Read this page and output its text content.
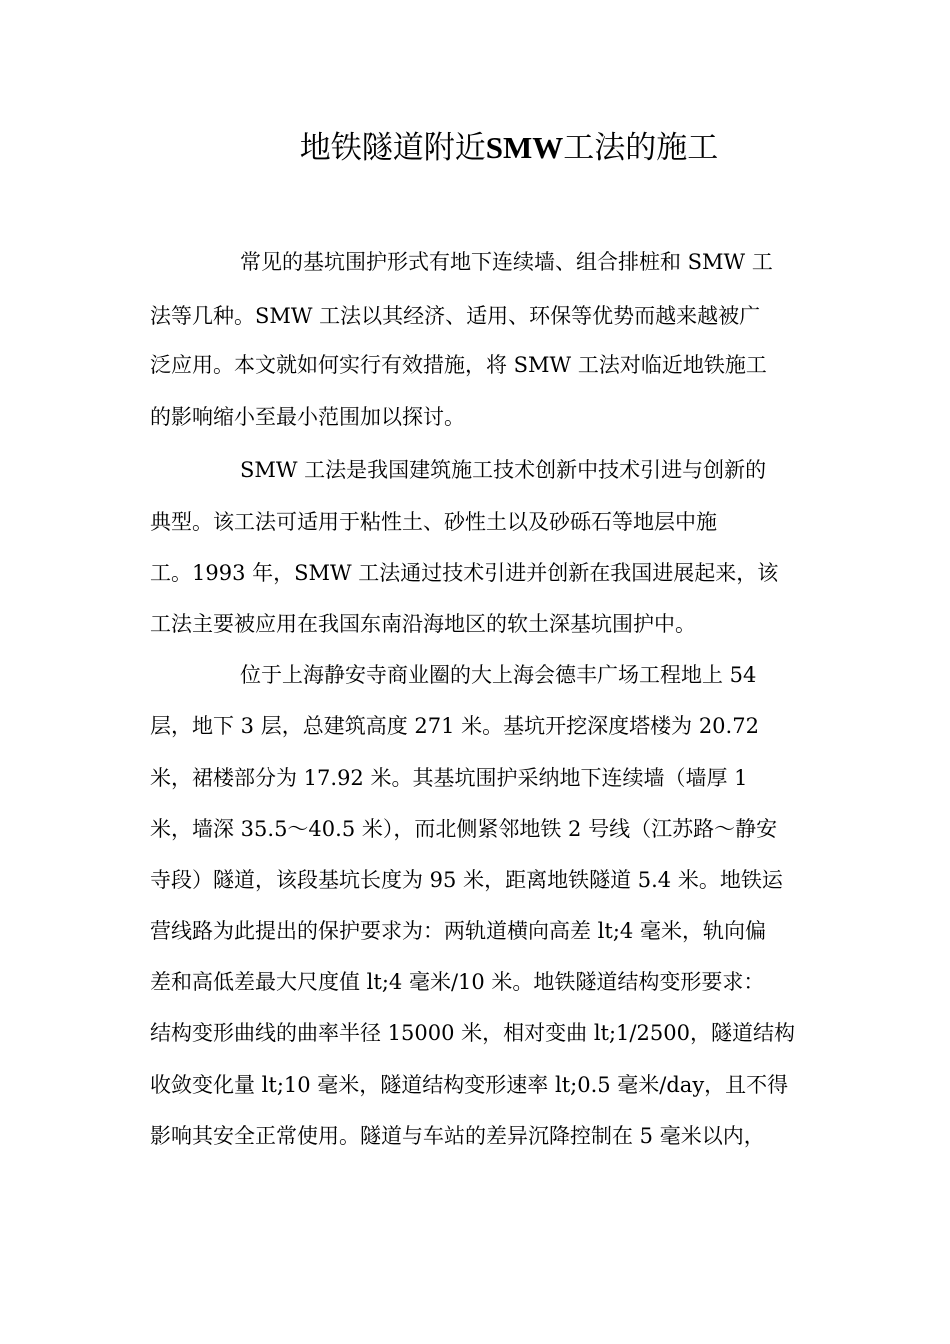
地铁隧道附近SMW工法的施工
常见的基坑围护形式有地下连续墙、组合排桩和 SMW 工
法等几种。SMW 工法以其经济、适用、环保等优势而越来越被广
泛应用。本文就如何实行有效措施，将 SMW 工法对临近地铁施工
的影响缩小至最小范围加以探讨。
SMW 工法是我国建筑施工技术创新中技术引进与创新的
典型。该工法可适用于粘性土、砂性土以及砂砾石等地层中施
工。1993 年，SMW 工法通过技术引进并创新在我国进展起来，该
工法主要被应用在我国东南沿海地区的软土深基坑围护中。
位于上海静安寺商业圈的大上海会德丰广场工程地上 54
层，地下 3 层，总建筑高度 271 米。基坑开挖深度塔楼为 20.72
米，裙楼部分为 17.92 米。其基坑围护采纳地下连续墙（墙厚 1
米，墙深 35.5～40.5 米），而北侧紧邻地铁 2 号线（江苏路～静安
寺段）隧道，该段基坑长度为 95 米，距离地铁隧道 5.4 米。地铁运
营线路为此提出的保护要求为：两轨道横向高差 lt;4 毫米，轨向偏
差和高低差最大尺度值 lt;4 毫米/10 米。地铁隧道结构变形要求：
结构变形曲线的曲率半径 15000 米，相对变曲 lt;1/2500，隧道结构
收敛变化量 lt;10 毫米，隧道结构变形速率 lt;0.5 毫米/day，且不得
影响其安全正常使用。隧道与车站的差异沉降控制在 5 毫米以内，
